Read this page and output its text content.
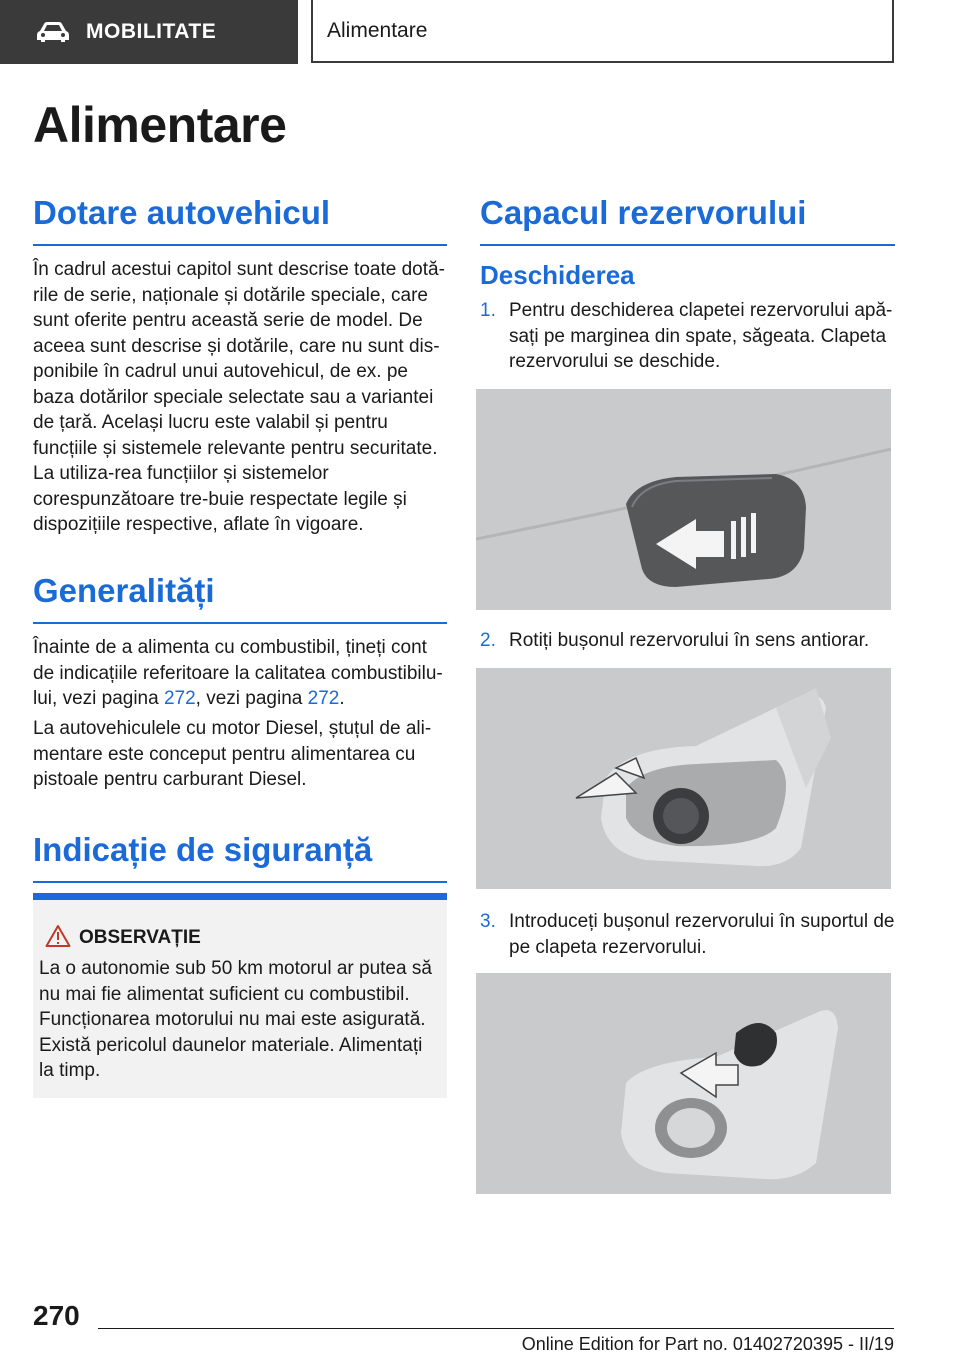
MOBILITATE	Alimentare
Alimentare
Dotare autovehicul

În cadrul acestui capitol sunt descrise toate dotă-rile de serie, naționale și dotările speciale, care sunt oferite pentru această serie de model. De aceea sunt descrise și dotările, care nu sunt dis-ponibile în cadrul unui autovehicul, de ex. pe baza dotărilor speciale selectate sau a variantei de țară. Același lucru este valabil și pentru funcțiile și sistemele relevante pentru securitate. La utiliza-rea funcțiilor și sistemelor corespunzătoare tre-buie respectate legile și dispozițiile respective, aflate în vigoare.

Generalități

Înainte de a alimenta cu combustibil, țineți cont de indicațiile referitoare la calitatea combustibilu-lui, vezi pagina 272, vezi pagina 272.

La autovehiculele cu motor Diesel, ștuțul de ali-mentare este conceput pentru alimentarea cu pistoale pentru carburant Diesel.

Indicație de siguranță
OBSERVAȚIE
La o autonomie sub 50 km motorul ar putea să nu mai fie alimentat suficient cu combustibil. Funcționarea motorului nu mai este asigurată. Există pericolul daunelor materiale. Alimentați la timp.
Capacul rezervorului
Deschiderea
1. Pentru deschiderea clapetei rezervorului apă-sați pe marginea din spate, săgeata. Clapeta rezervorului se deschide.
2. Rotiți bușonul rezervorului în sens antiorar.
3. Introduceți bușonul rezervorului în suportul de pe clapeta rezervorului.
270
Online Edition for Part no. 01402720395 - II/19
